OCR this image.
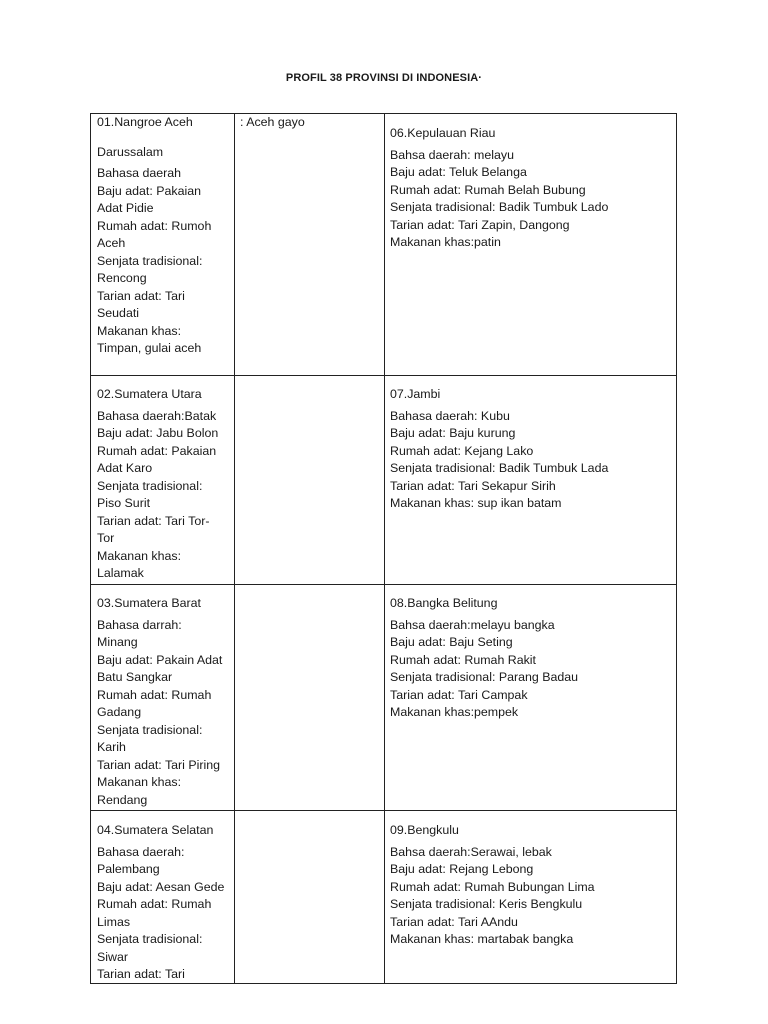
PROFIL 38 PROVINSI DI INDONESIA·
01.Nangroe Aceh
Darussalam
Bahasa daerah
Baju adat: Pakaian
Adat Pidie
Rumah adat: Rumoh
Aceh
Senjata tradisional:
Rencong
Tarian adat: Tari
Seudati
Makanan khas:
Timpan, gulai aceh
: Aceh gayo
06.Kepulauan Riau
Bahsa daerah: melayu
Baju adat: Teluk Belanga
Rumah adat: Rumah Belah Bubung
Senjata tradisional: Badik Tumbuk Lado
Tarian adat: Tari Zapin, Dangong
Makanan khas:patin
02.Sumatera Utara
Bahasa daerah:Batak
Baju adat: Jabu Bolon
Rumah adat: Pakaian
Adat Karo
Senjata tradisional:
Piso Surit
Tarian adat: Tari Tor-
Tor
Makanan khas:
Lalamak
07.Jambi
Bahasa daerah: Kubu
Baju adat: Baju kurung
Rumah adat: Kejang Lako
Senjata tradisional: Badik Tumbuk Lada
Tarian adat: Tari Sekapur Sirih
Makanan khas: sup ikan batam
03.Sumatera Barat
Bahasa darrah:
Minang
Baju adat: Pakain Adat
Batu Sangkar
Rumah adat: Rumah
Gadang
Senjata tradisional:
Karih
Tarian adat: Tari Piring
Makanan khas:
Rendang
08.Bangka Belitung
Bahsa daerah:melayu bangka
Baju adat: Baju Seting
Rumah adat: Rumah Rakit
Senjata tradisional: Parang Badau
Tarian adat: Tari Campak
Makanan khas:pempek
04.Sumatera Selatan
Bahasa daerah:
Palembang
Baju adat: Aesan Gede
Rumah adat: Rumah
Limas
Senjata tradisional:
Siwar
Tarian adat: Tari
09.Bengkulu
Bahsa daerah:Serawai, lebak
Baju adat: Rejang Lebong
Rumah adat: Rumah Bubungan Lima
Senjata tradisional: Keris Bengkulu
Tarian adat: Tari AAndu
Makanan khas: martabak bangka
